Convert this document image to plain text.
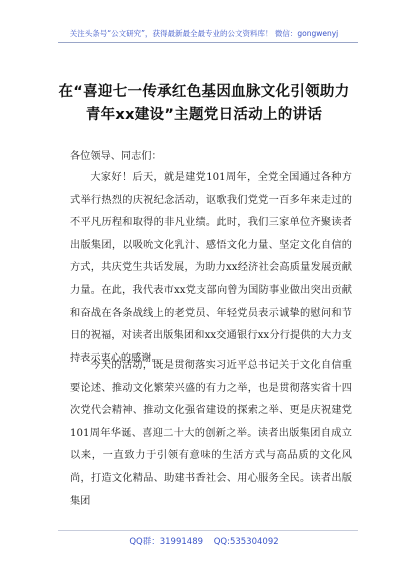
关注头条号“公文研究”，获得最新最全最专业的公文资料库！ 微信：gongwenyj
在“喜迎七一传承红色基因血脉文化引领助力青年xx建设”主题党日活动上的讲话
各位领导、同志们：

大家好！后天，就是建党101周年，全党全国通过各种方式举行热烈的庆祝纪念活动，讴歌我们党党一百多年来走过的不平凡历程和取得的非凡业绩。此时，我们三家单位齐聚读者出版集团，以吸吮文化乳汁、感悟文化力量、坚定文化自信的方式，共庆党生共话发展，为助力xx经济社会高质量发展贡献力量。在此，我代表市xx党支部向曾为国防事业做出突出贡献和奋战在各条战线上的老党员、年轻党员表示诚挚的慰问和节日的祝福，对读者出版集团和xx交通银行xx分行提供的大力支持表示衷心的感谢。

今天的活动，既是贯彻落实习近平总书记关于文化自信重要论述、推动文化繁荣兴盛的有力之举，也是贯彻落实省十四次党代会精神、推动文化强省建设的探索之举、更是庆祝建党101周年华诞、喜迎二十大的创新之举。读者出版集团自成立以来，一直致力于引领有意味的生活方式与高品质的文化风尚，打造文化精品、助建书香社会、用心服务全民。读者出版集团

QQ群：31991489 QQ:535304092
